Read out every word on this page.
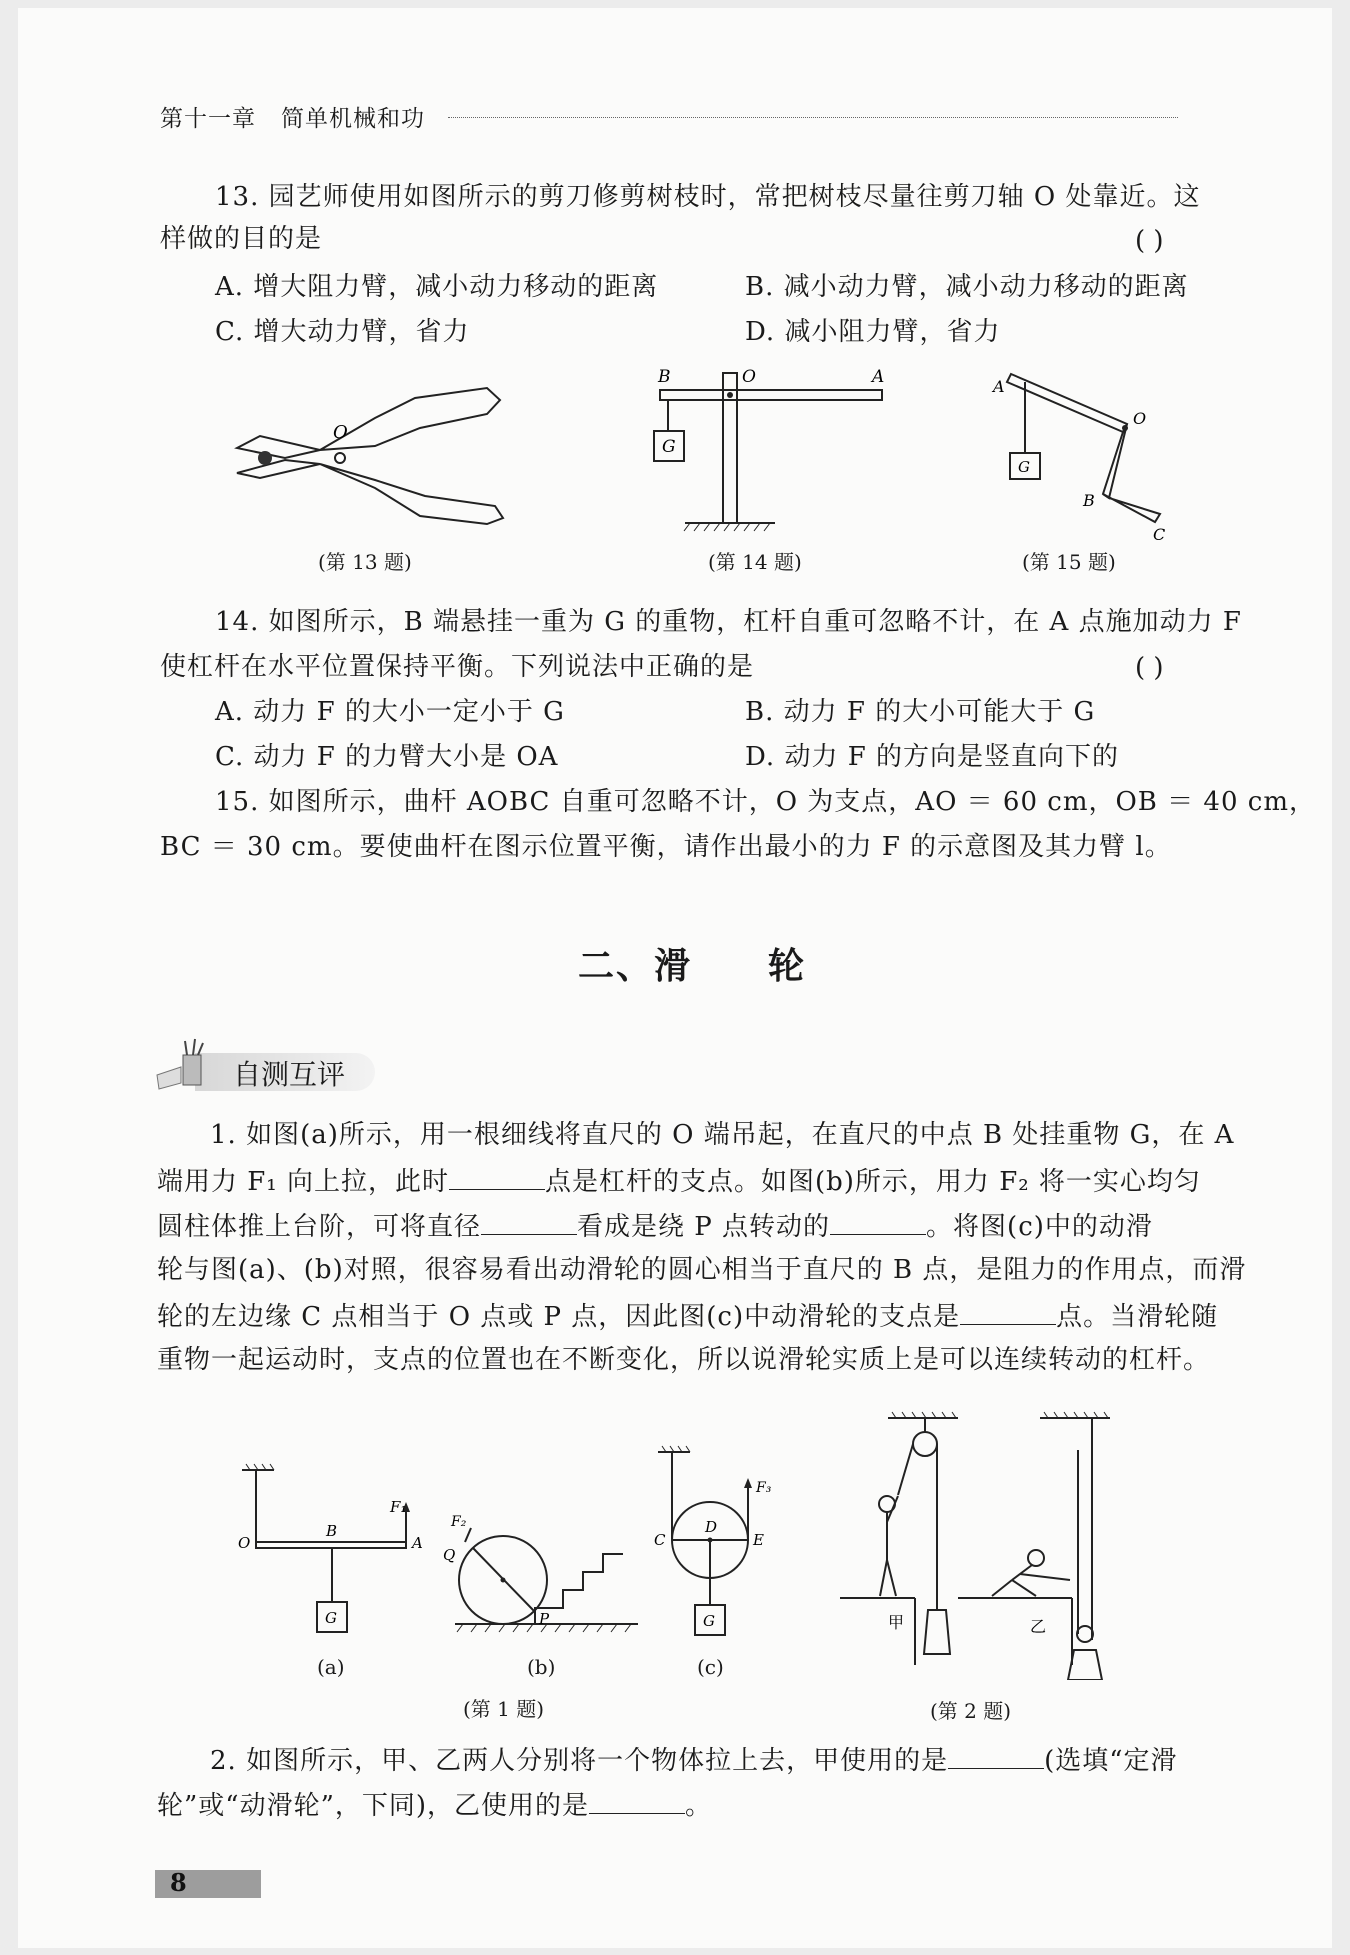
第十一章 简单机械和功
13. 园艺师使用如图所示的剪刀修剪树枝时，常把树枝尽量往剪刀轴 O 处靠近。这
样做的目的是	( )
A. 增大阻力臂，减小动力移动的距离	B. 减小动力臂，减小动力移动的距离
C. 增大动力臂，省力	D. 减小阻力臂，省力
O
(第 13 题)
B	O	A
G
(第 14 题)
A
O
B
C
G
(第 15 题)
14. 如图所示，B 端悬挂一重为 G 的重物，杠杆自重可忽略不计，在 A 点施加动力 F
使杠杆在水平位置保持平衡。下列说法中正确的是	( )
A. 动力 F 的大小一定小于 G	B. 动力 F 的大小可能大于 G
C. 动力 F 的力臂大小是 OA	D. 动力 F 的方向是竖直向下的
15. 如图所示，曲杆 AOBC 自重可忽略不计，O 为支点，AO ＝ 60 cm，OB ＝ 40 cm，
BC ＝ 30 cm。要使曲杆在图示位置平衡，请作出最小的力 F 的示意图及其力臂 l。
二、滑　　轮
自测互评
1. 如图(a)所示，用一根细线将直尺的 O 端吊起，在直尺的中点 B 处挂重物 G，在 A
端用力 F₁ 向上拉，此时	点是杠杆的支点。如图(b)所示，用力 F₂ 将一实心均匀
圆柱体推上台阶，可将直径	看成是绕 P 点转动的	。将图(c)中的动滑
轮与图(a)、(b)对照，很容易看出动滑轮的圆心相当于直尺的 B 点，是阻力的作用点，而滑
轮的左边缘 C 点相当于 O 点或 P 点，因此图(c)中动滑轮的支点是	点。当滑轮随
重物一起运动时，支点的位置也在不断变化，所以说滑轮实质上是可以连续转动的杠杆。
O
B
A
F₁
G
F₂
Q
P
F₃
C
D
E
G
(a)	(b)	(c)
(第 1 题)
甲	乙
(第 2 题)
2. 如图所示，甲、乙两人分别将一个物体拉上去，甲使用的是	(选填“定滑
轮”或“动滑轮”，下同)，乙使用的是	。
8
